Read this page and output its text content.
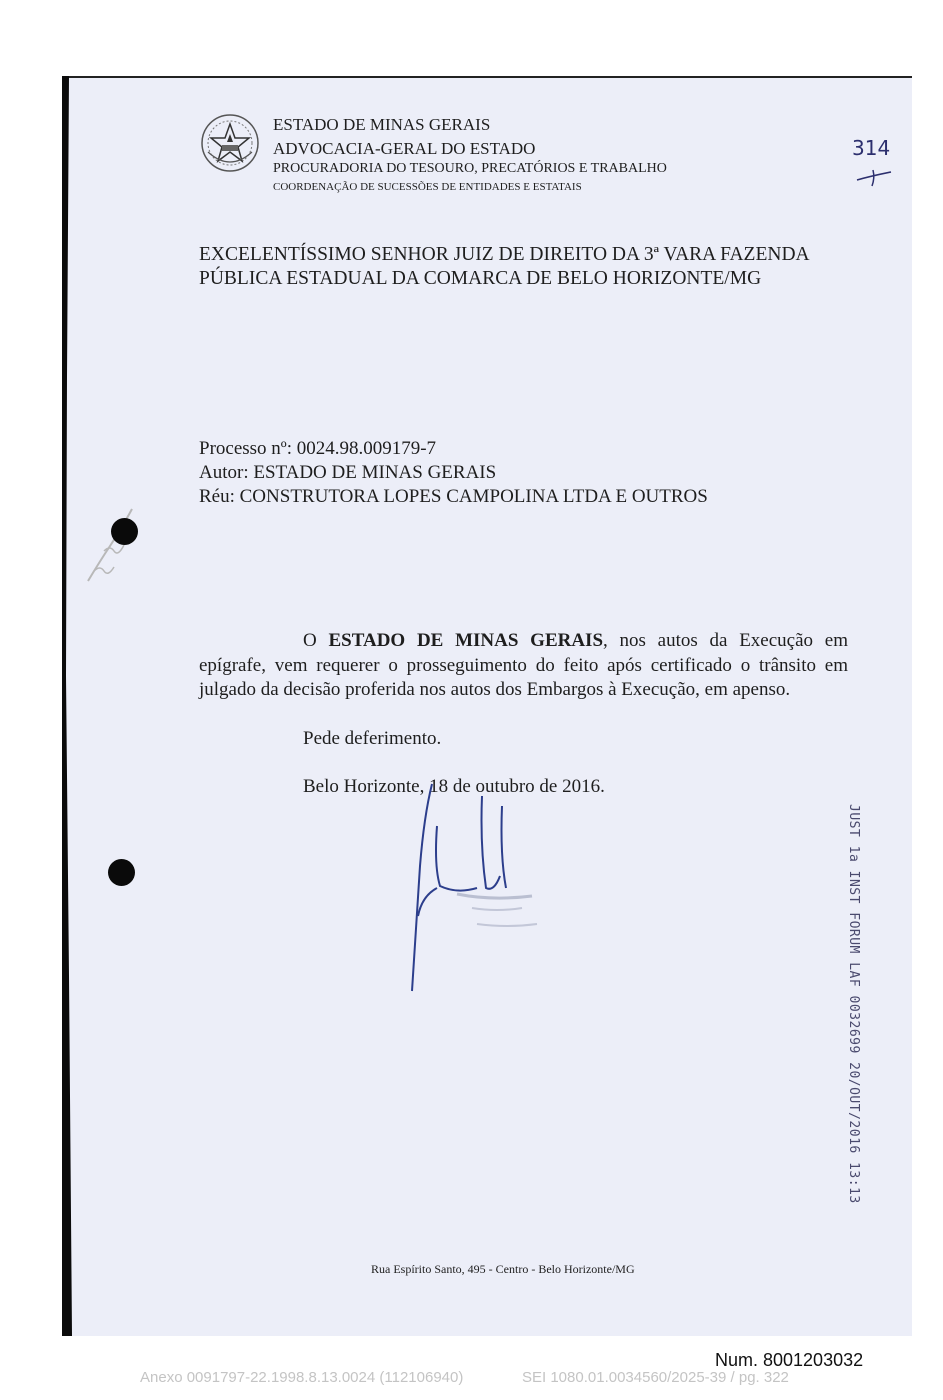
ESTADO DE MINAS GERAIS
ADVOCACIA-GERAL DO ESTADO
PROCURADORIA DO TESOURO, PRECATÓRIOS E TRABALHO
COORDENAÇÃO DE SUCESSÕES DE ENTIDADES E ESTATAIS
314
EXCELENTÍSSIMO SENHOR JUIZ DE DIREITO DA 3ª VARA FAZENDA
PÚBLICA ESTADUAL DA COMARCA DE BELO HORIZONTE/MG
Processo nº: 0024.98.009179-7
Autor: ESTADO DE MINAS GERAIS
Réu: CONSTRUTORA LOPES CAMPOLINA LTDA E OUTROS
O ESTADO DE MINAS GERAIS, nos autos da Execução em epígrafe, vem requerer o prosseguimento do feito após certificado o trânsito em julgado da decisão proferida nos autos dos Embargos à Execução, em apenso.
Pede deferimento.
Belo Horizonte, 18 de outubro de 2016.
JUST 1a INST FORUM LAF 0032699 20/OUT/2016 13:13
Rua Espírito Santo, 495 - Centro - Belo Horizonte/MG
Num. 8001203032
Anexo 0091797-22.1998.8.13.0024 (112106940)	SEI 1080.01.0034560/2025-39 / pg. 322
